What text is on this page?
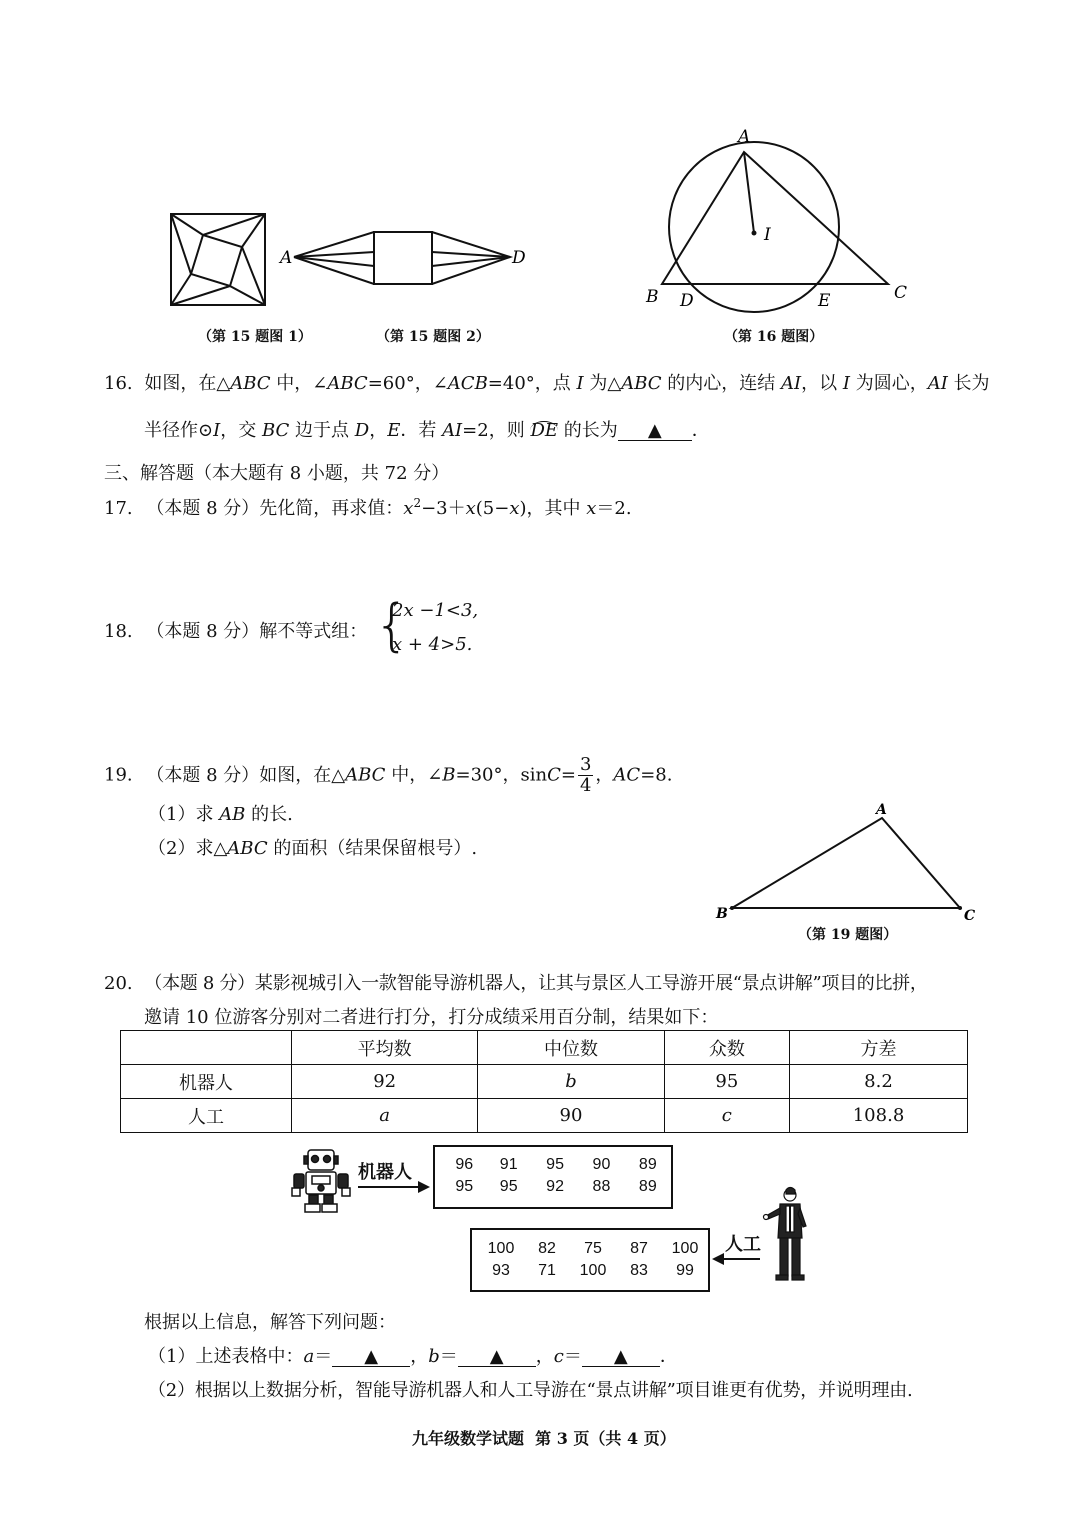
（第 15 题图 1）
A	D
（第 15 题图 2）
A
I
B D	E	C
（第 16 题图）
16. 如图，在△ABC 中，∠ABC=60°，∠ACB=40°，点 I 为△ABC 的内心，连结 AI，以 I 为圆心，AI 长为
半径作⊙I，交 BC 边于点 D，E．若 AI=2，则 DE 的长为 ▲ ．
三、解答题（本大题有 8 小题，共 72 分）
17. （本题 8 分）先化简，再求值：$x^2-3+x(5-x)$，其中 x＝2.
18. （本题 8 分）解不等式组： {
2x −1<3,
x + 4>5.
19. （本题 8 分）如图，在△ABC 中，∠B=30°，$\sin C= \frac{3}{4}$ ，AC=8.
（1）求 AB 的长.
（2）求△ABC 的面积（结果保留根号）.
A
B	C
（第 19 题图）
20. （本题 8 分）某影视城引入一款智能导游机器人，让其与景区人工导游开展“景点讲解”项目的比拼，
邀请 10 位游客分别对二者进行打分，打分成绩采用百分制，结果如下：
	平均数	中位数	众数	方差
机器人	92	b	95	8.2
人工	a	90	c	108.8
机器人	96	91	95	90	89
95	95	92	88	89
100	82	75	87	100
93	71	100	83	99
人工
根据以上信息，解答下列问题：
（1）上述表格中：a＝ ▲ ，b＝ ▲ ，c＝ ▲ ．
（2）根据以上数据分析，智能导游机器人和人工导游在“景点讲解”项目谁更有优势，并说明理由.
九年级数学试题  第 3 页（共 4 页）
